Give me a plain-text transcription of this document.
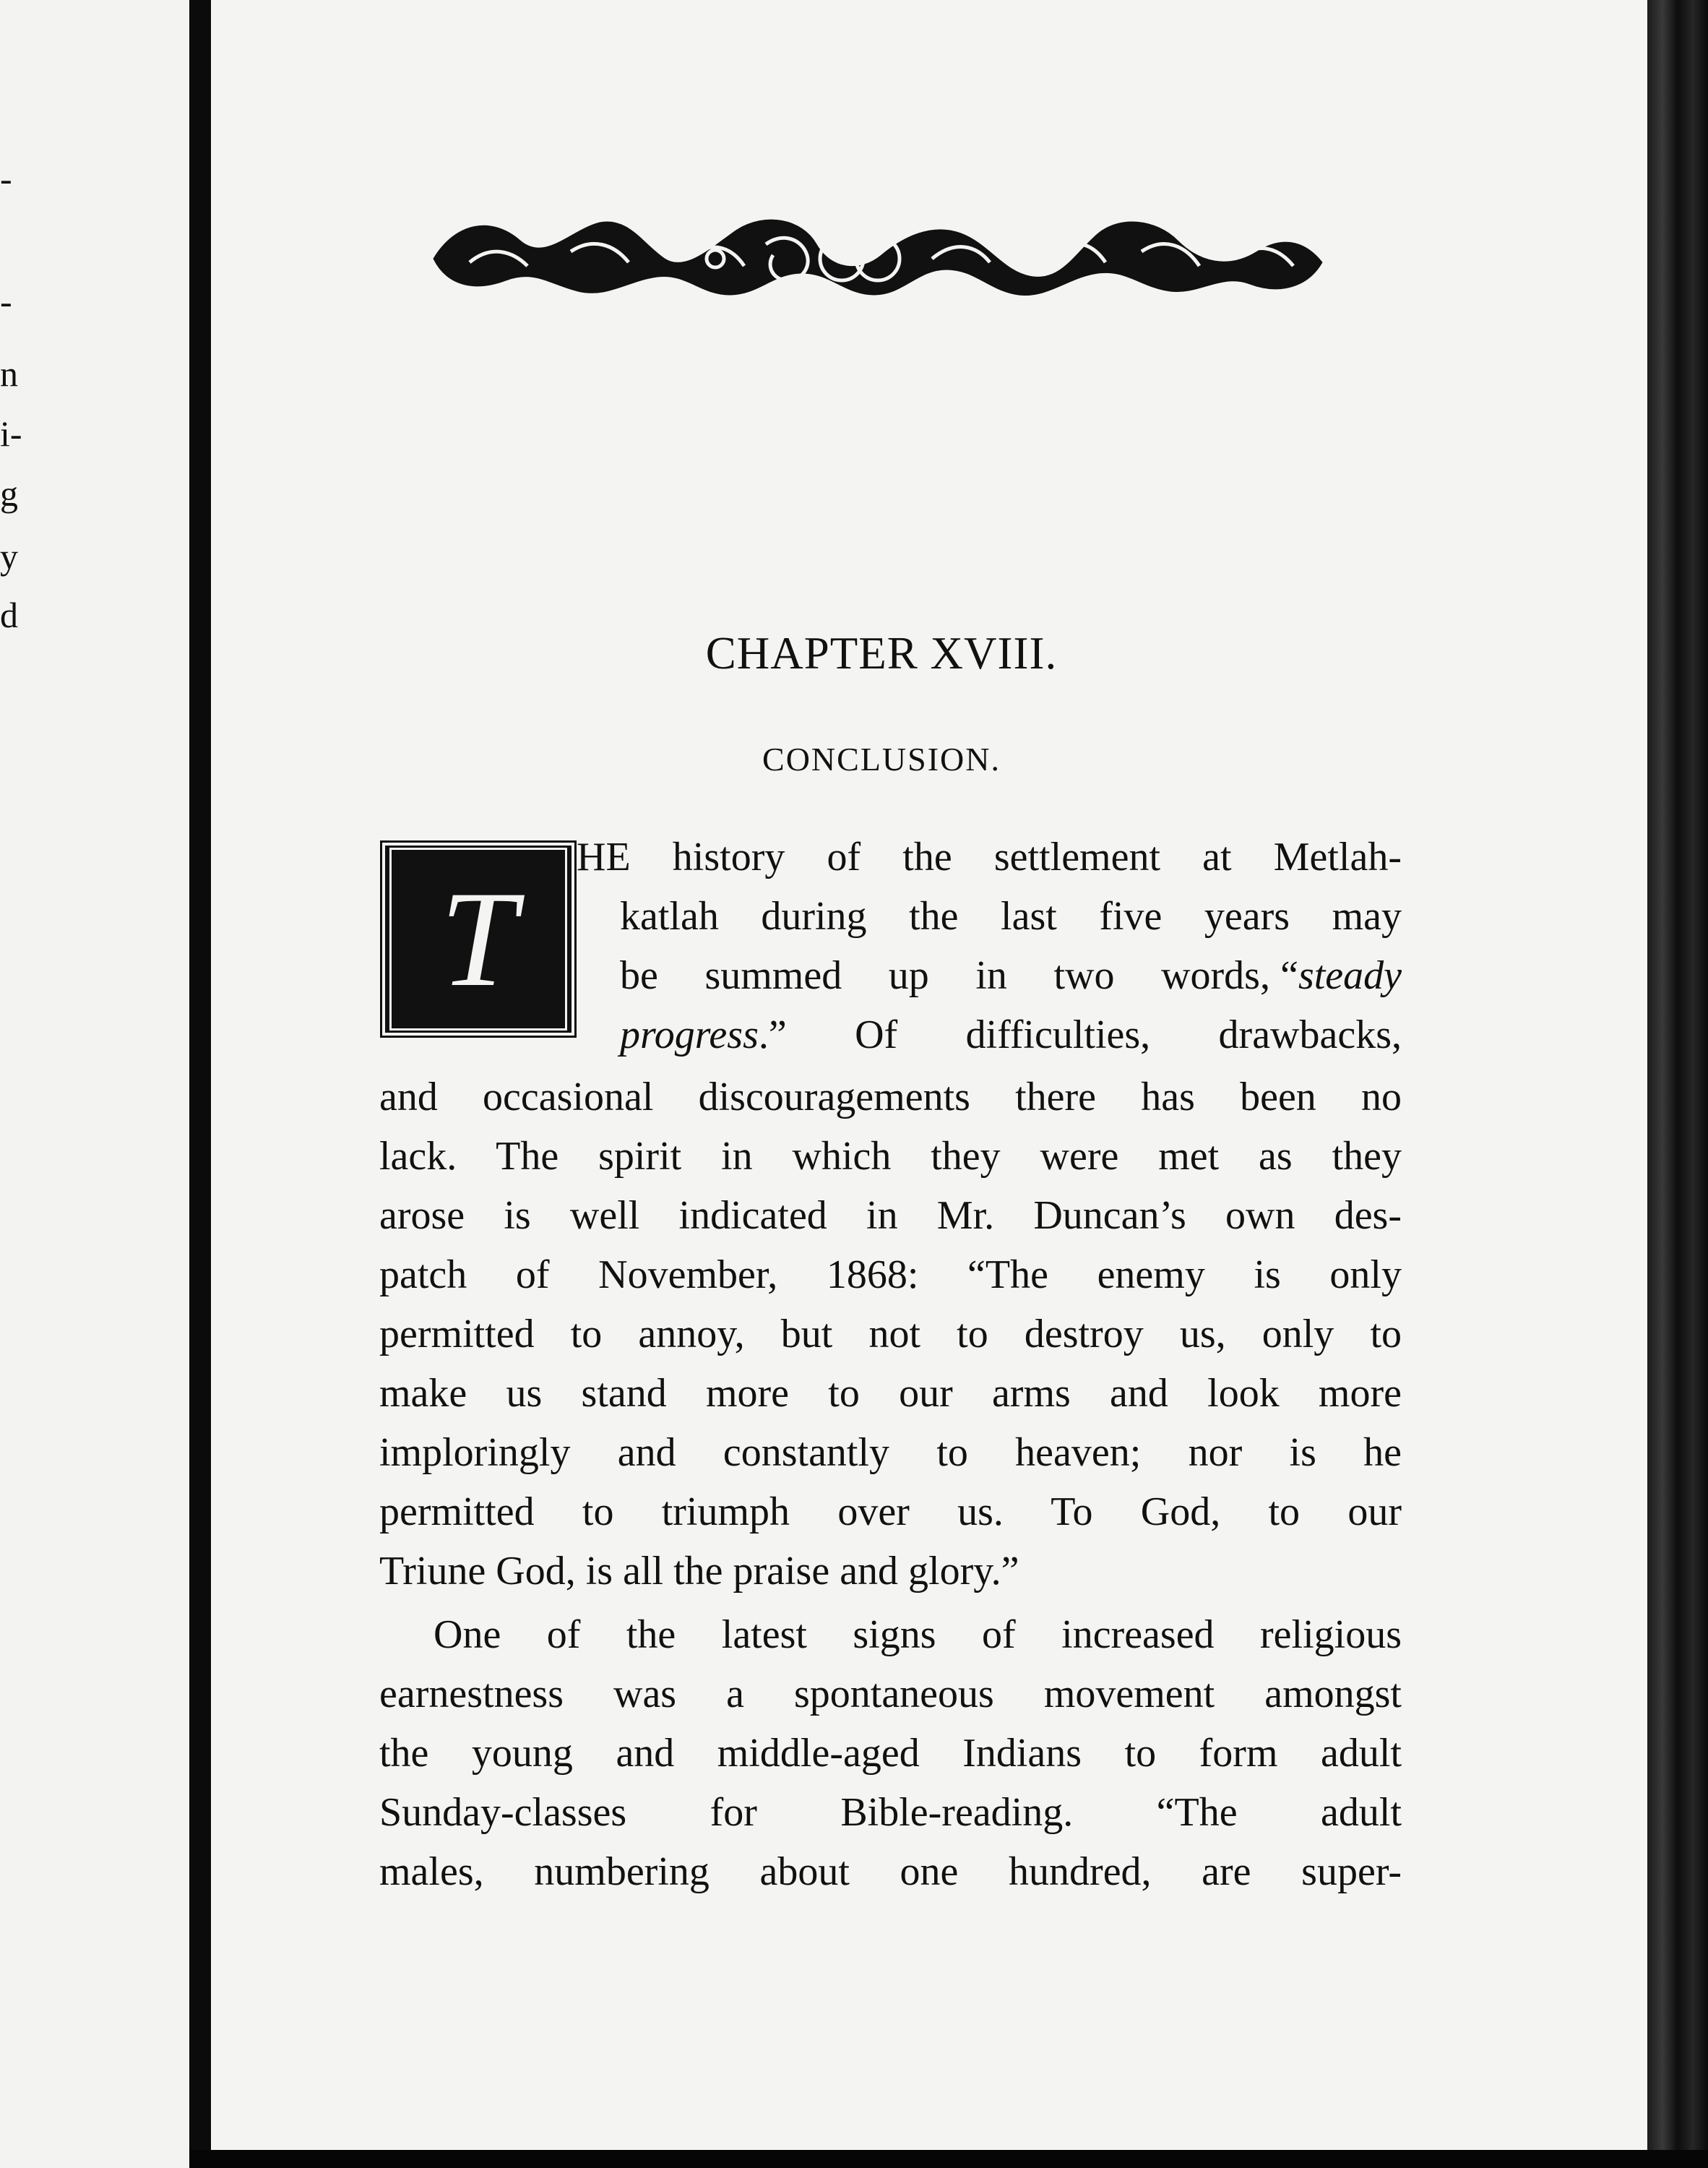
-
-
n
i-
g
y
d
CHAPTER XVIII.
CONCLUSION.
T

HE history of the settlement at Metlah-

katlah during the last five years may

be summed up in two words, “steady

progress .” Of difficulties, drawbacks,

and occasional discouragements there has been no

lack. The spirit in which they were met as they

arose is well indicated in Mr. Duncan’s own des-

patch of November, 1868: “The enemy is only

permitted to annoy, but not to destroy us, only to

make us stand more to our arms and look more

imploringly and constantly to heaven; nor is he

permitted to triumph over us. To God, to our

Triune God, is all the praise and glory.”

One of the latest signs of increased religious

earnestness was a spontaneous movement amongst

the young and middle-aged Indians to form adult

Sunday-classes for Bible-reading. “The adult

males, numbering about one hundred, are super-
